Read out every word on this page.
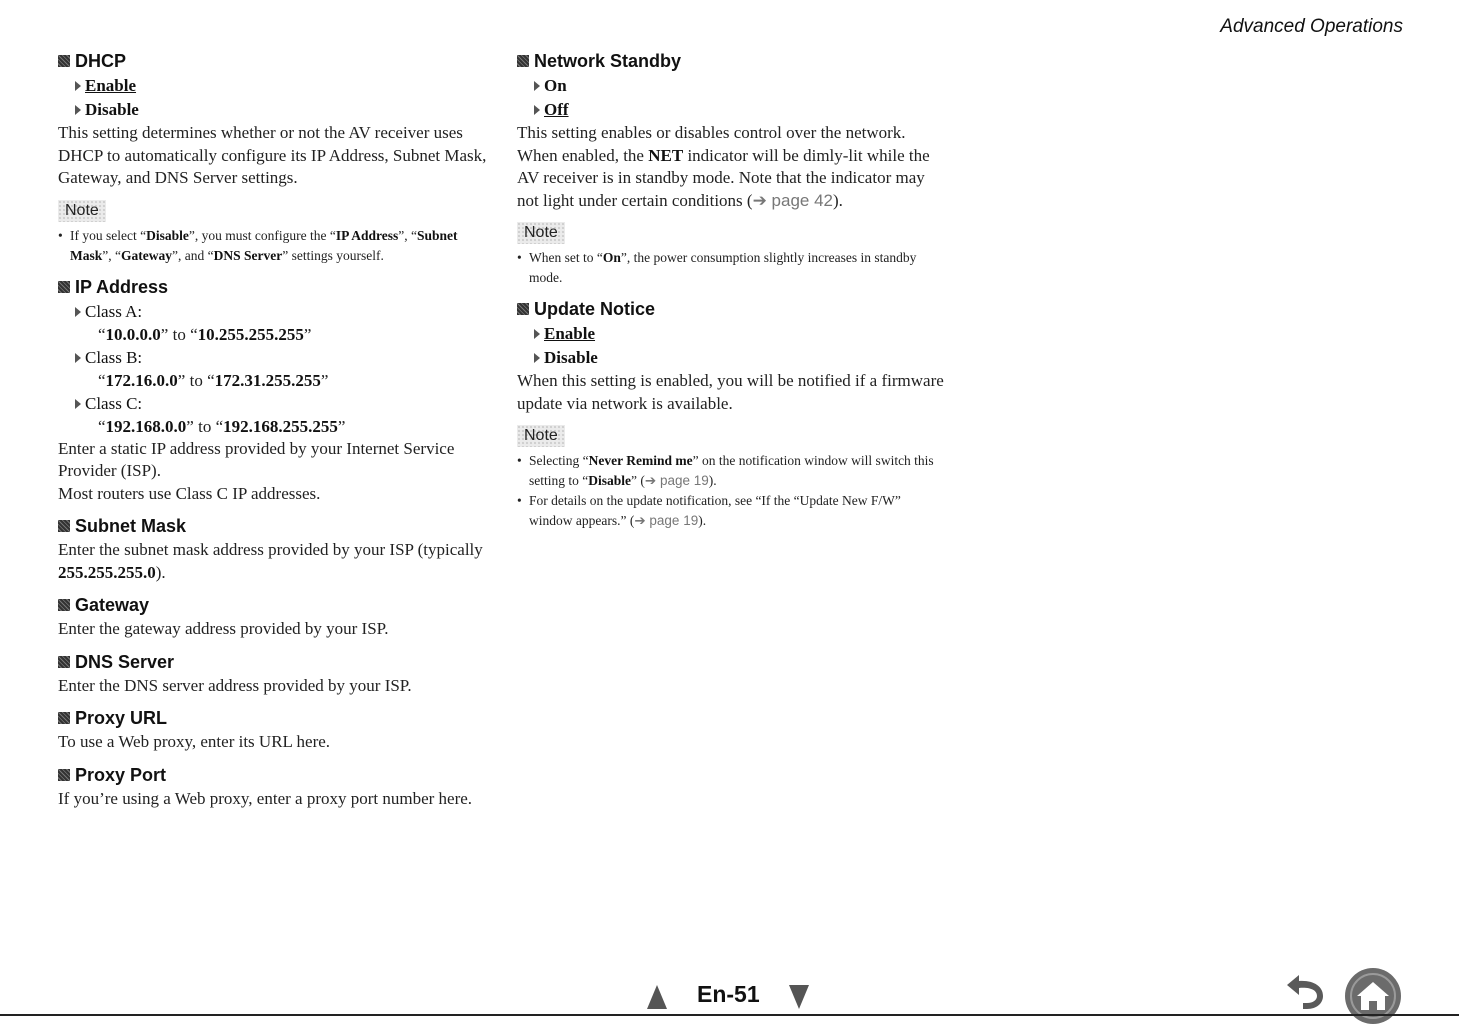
Advanced Operations
DHCP
Enable
Disable

This setting determines whether or not the AV receiver uses DHCP to automatically configure its IP Address, Subnet Mask, Gateway, and DNS Server settings.

Note
• If you select “Disable”, you must configure the “IP Address”, “Subnet Mask”, “Gateway”, and “DNS Server” settings yourself.
IP Address
Class A:
“10.0.0.0” to “10.255.255.255”
Class B:
“172.16.0.0” to “172.31.255.255”
Class C:
“192.168.0.0” to “192.168.255.255”

Enter a static IP address provided by your Internet Service Provider (ISP).

Most routers use Class C IP addresses.

Subnet Mask

Enter the subnet mask address provided by your ISP (typically 255.255.255.0).

Gateway

Enter the gateway address provided by your ISP.

DNS Server

Enter the DNS server address provided by your ISP.

Proxy URL

To use a Web proxy, enter its URL here.

Proxy Port

If you’re using a Web proxy, enter a proxy port number here.

Network Standby
On
Off

This setting enables or disables control over the network. When enabled, the NET indicator will be dimly-lit while the AV receiver is in standby mode. Note that the indicator may not light under certain conditions (➔ page 42).

Note
• When set to “On”, the power consumption slightly increases in standby mode.
Update Notice
Enable
Disable

When this setting is enabled, you will be notified if a firmware update via network is available.

Note
• Selecting “Never Remind me” on the notification window will switch this setting to “Disable” (➔ page 19).
• For details on the update notification, see “If the “Update New F/W” window appears.” (➔ page 19).
En-51
